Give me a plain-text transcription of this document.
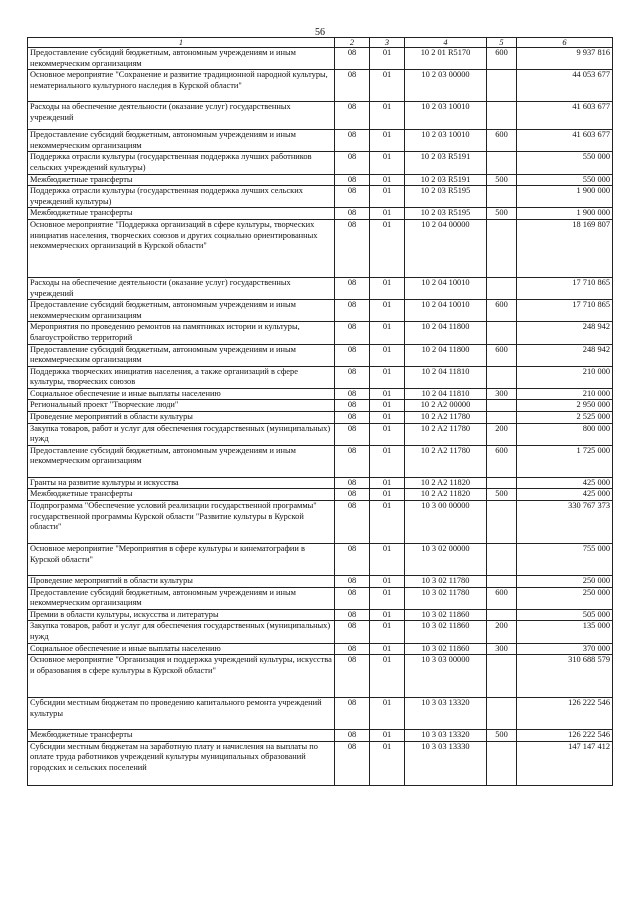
56
1	2	3	4	5	6
Предоставление субсидий бюджетным, автономным учреждениям и иным некоммерческим организациям	08	01	10 2 01 R5170	600	9 937 816
Основное мероприятие "Сохранение и развитие традиционной народной культуры, нематериального культурного наследия в Курской области"	08	01	10 2 03 00000		44 053 677
Расходы на обеспечение деятельности (оказание услуг) государственных учреждений	08	01	10 2 03 10010		41 603 677
Предоставление субсидий бюджетным, автономным учреждениям и иным некоммерческим организациям	08	01	10 2 03 10010	600	41 603 677
Поддержка отрасли культуры (государственная поддержка лучших работников сельских учреждений культуры)	08	01	10 2 03 R5191		550 000
Межбюджетные трансферты	08	01	10 2 03 R5191	500	550 000
Поддержка отрасли культуры (государственная поддержка лучших сельских учреждений культуры)	08	01	10 2 03 R5195		1 900 000
Межбюджетные трансферты	08	01	10 2 03 R5195	500	1 900 000
Основное мероприятие "Поддержка организаций в сфере культуры, творческих инициатив населения, творческих союзов и других социально ориентированных некоммерческих организаций в Курской области"	08	01	10 2 04 00000		18 169 807
Расходы на обеспечение деятельности (оказание услуг) государственных учреждений	08	01	10 2 04 10010		17 710 865
Предоставление субсидий бюджетным, автономным учреждениям и иным некоммерческим организациям	08	01	10 2 04 10010	600	17 710 865
Мероприятия по проведению ремонтов на памятниках истории и культуры, благоустройство территорий	08	01	10 2 04 11800		248 942
Предоставление субсидий бюджетным, автономным учреждениям и иным некоммерческим организациям	08	01	10 2 04 11800	600	248 942
Поддержка творческих инициатив населения, а также организаций в сфере культуры, творческих союзов	08	01	10 2 04 11810		210 000
Социальное обеспечение и иные выплаты населению	08	01	10 2 04 11810	300	210 000
Региональный проект "Творческие люди"	08	01	10 2 A2 00000		2 950 000
Проведение мероприятий в области культуры	08	01	10 2 A2 11780		2 525 000
Закупка товаров, работ и услуг для обеспечения государственных (муниципальных) нужд	08	01	10 2 A2 11780	200	800 000
Предоставление субсидий бюджетным, автономным учреждениям и иным некоммерческим организациям	08	01	10 2 A2 11780	600	1 725 000
Гранты на развитие культуры и искусства	08	01	10 2 A2 11820		425 000
Межбюджетные трансферты	08	01	10 2 A2 11820	500	425 000
Подпрограмма "Обеспечение условий реализации государственной программы" государственной программы Курской области "Развитие культуры в Курской области"	08	01	10 3 00 00000		330 767 373
Основное мероприятие "Мероприятия в сфере культуры и кинематографии в Курской области"	08	01	10 3 02 00000		755 000
Проведение мероприятий в области культуры	08	01	10 3 02 11780		250 000
Предоставление субсидий бюджетным, автономным учреждениям и иным некоммерческим организациям	08	01	10 3 02 11780	600	250 000
Премии в области культуры, искусства и литературы	08	01	10 3 02 11860		505 000
Закупка товаров, работ и услуг для обеспечения государственных (муниципальных) нужд	08	01	10 3 02 11860	200	135 000
Социальное обеспечение и иные выплаты населению	08	01	10 3 02 11860	300	370 000
Основное мероприятие "Организация и поддержка учреждений культуры, искусства и образования в сфере культуры в Курской области"	08	01	10 3 03 00000		310 688 579
Субсидии местным бюджетам по проведению капитального ремонта учреждений культуры	08	01	10 3 03 13320		126 222 546
Межбюджетные трансферты	08	01	10 3 03 13320	500	126 222 546
Субсидии местным бюджетам на заработную плату и начисления на выплаты по оплате труда работников учреждений культуры муниципальных образований городских и сельских поселений	08	01	10 3 03 13330		147 147 412
